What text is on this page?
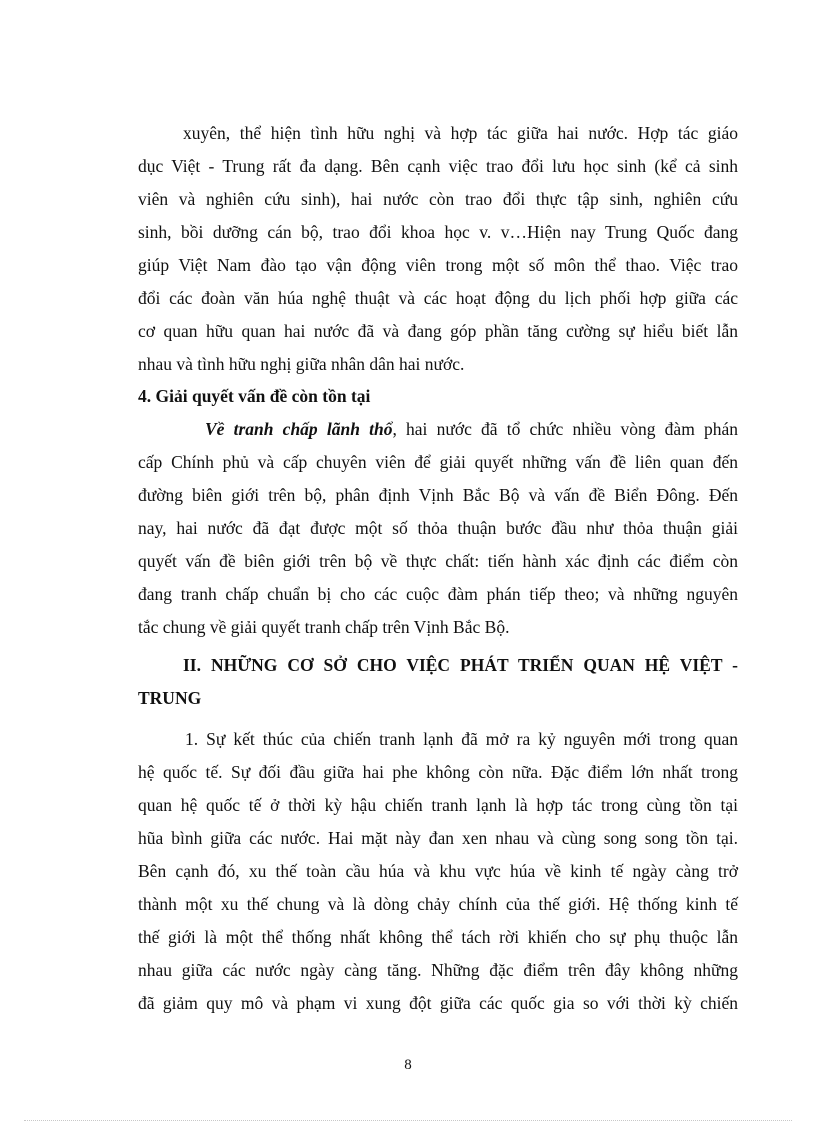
xuyên, thể hiện tình hữu nghị và hợp tác giữa hai nước. Hợp tác giáo
dục Việt - Trung rất đa dạng. Bên cạnh việc trao đổi lưu học sinh (kể cả sinh
viên và nghiên cứu sinh), hai nước còn trao đổi thực tập sinh, nghiên cứu
sinh, bồi dưỡng cán bộ, trao đổi khoa học v. v…Hiện nay Trung Quốc đang
giúp Việt Nam đào tạo vận động viên trong một số môn thể thao. Việc trao
đổi các đoàn văn húa nghệ thuật và các hoạt động du lịch phối hợp giữa các
cơ quan hữu quan hai nước đã và đang góp phần tăng cường sự hiểu biết lẫn
nhau và tình hữu nghị giữa nhân dân hai nước.
4. Giải quyết vấn đề còn tồn tại
Về tranh chấp lãnh thổ, hai nước đã tổ chức nhiều vòng đàm phán
cấp Chính phủ và cấp chuyên viên để giải quyết những vấn đề liên quan đến
đường biên giới trên bộ, phân định Vịnh Bắc Bộ và vấn đề Biển Đông. Đến
nay, hai nước đã đạt được một số thỏa thuận bước đầu như thỏa thuận giải
quyết vấn đề biên giới trên bộ về thực chất: tiến hành xác định các điểm còn
đang tranh chấp chuẩn bị cho các cuộc đàm phán tiếp theo; và những nguyên
tắc chung về giải quyết tranh chấp trên Vịnh Bắc Bộ.
II. NHỮNG CƠ SỞ CHO VIỆC PHÁT TRIỂN QUAN HỆ VIỆT -
TRUNG
1. Sự kết thúc của chiến tranh lạnh đã mở ra kỷ nguyên mới trong quan
hệ quốc tế. Sự đối đầu giữa hai phe không còn nữa. Đặc điểm lớn nhất trong
quan hệ quốc tế ở thời kỳ hậu chiến tranh lạnh là hợp tác trong cùng tồn tại
hũa bình giữa các nước. Hai mặt này đan xen nhau và cùng song song tồn tại.
Bên cạnh đó, xu thế toàn cầu húa và khu vực húa về kinh tế ngày càng trở
thành một xu thế chung và là dòng chảy chính của thế giới. Hệ thống kinh tế
thế giới là một thể thống nhất không thể tách rời khiến cho sự phụ thuộc lẫn
nhau giữa các nước ngày càng tăng. Những đặc điểm trên đây không những
đã giảm quy mô và phạm vi xung đột giữa các quốc gia so với thời kỳ chiến
8
